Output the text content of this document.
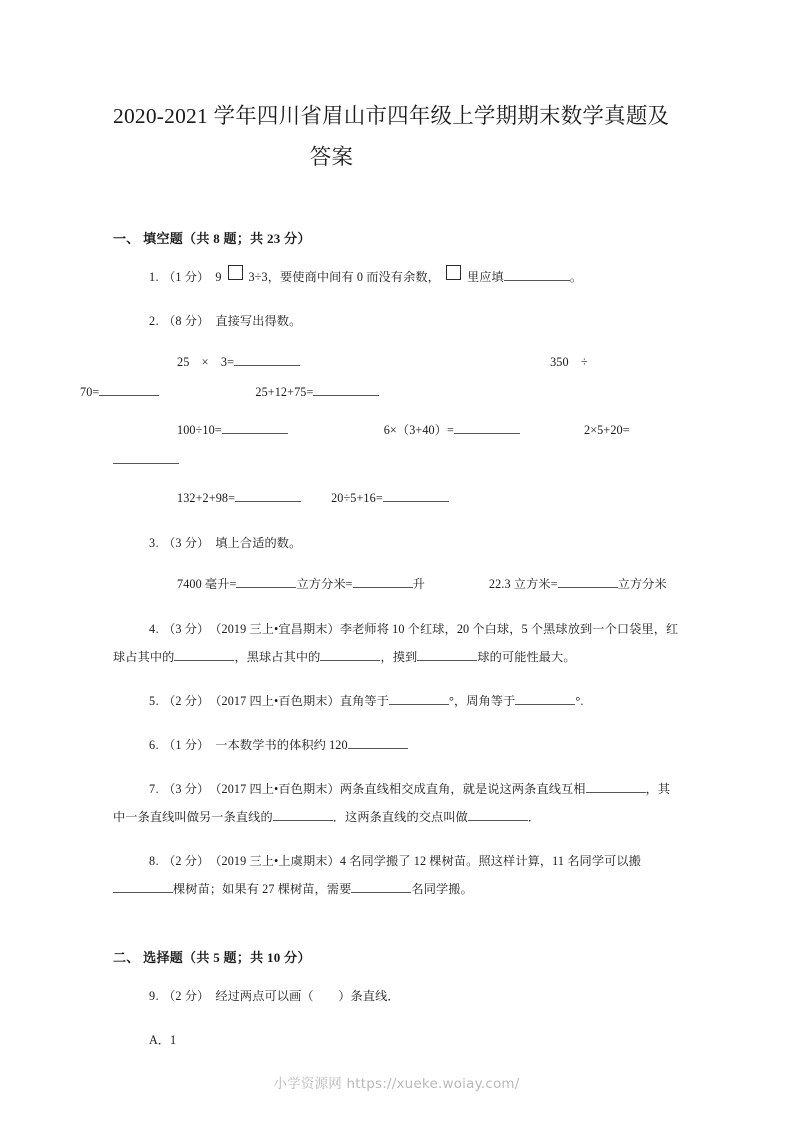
2020-2021 学年四川省眉山市四年级上学期期末数学真题及
答案
一、 填空题（共 8 题；共 23 分）
1. （1 分） 9 3÷3，要使商中间有 0 而没有余数， 里应填	。
2. （8 分） 直接写出得数。
25　×　3=	350　÷
70=	25+12+75=
100÷10=	6×（3+40）=	2×5+20=
132+2+98=	20÷5+16=
3. （3 分） 填上合适的数。
7400 毫升=	立方分米=	升	22.3 立方米=	立方分米
4. （3 分） （2019 三上•宜昌期末）李老师将 10 个红球，20 个白球，5 个黑球放到一个口袋里，红球占其中的	，黑球占其中的	，摸到	球的可能性最大。
5. （2 分） （2017 四上•百色期末）直角等于	°，周角等于	°.
6. （1 分） 一本数学书的体积约 120
7. （3 分） （2017 四上•百色期末）两条直线相交成直角，就是说这两条直线互相	，其中一条直线叫做另一条直线的	．这两条直线的交点叫做	．
8. （2 分） （2019 三上•上虞期末）4 名同学搬了 12 棵树苗。照这样计算，11 名同学可以搬棵树苗；如果有 27 棵树苗，需要	名同学搬。
二、 选择题（共 5 题；共 10 分）
9. （2 分） 经过两点可以画（　　）条直线．
A．1
小学资源网 https://xueke.woiay.com/
